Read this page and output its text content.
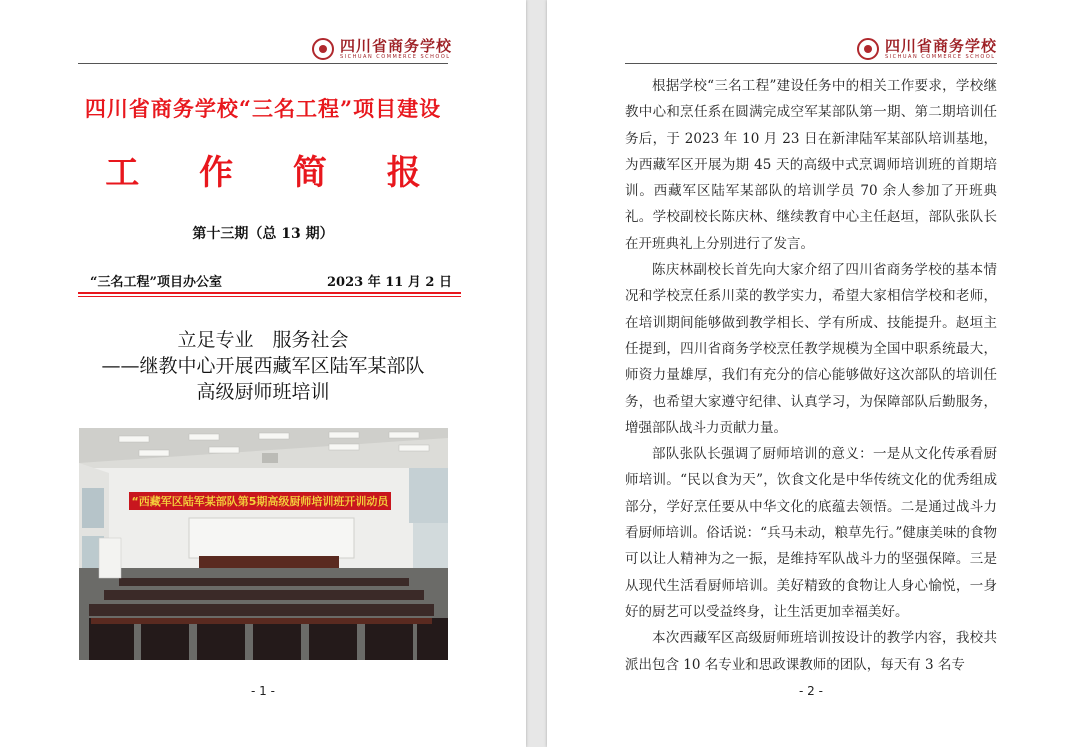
四川省商务学校
SICHUAN COMMERCE SCHOOL
四川省商务学校“三名工程”项目建设
工 作 简 报
第十三期（总 13 期）
“三名工程”项目办公室	2023 年 11 月 2 日
立足专业　服务社会
——继教中心开展西藏军区陆军某部队
高级厨师班培训
“西藏军区陆军某部队第5期高级厨师培训班开训动员
- 1 -
四川省商务学校
SICHUAN COMMERCE SCHOOL

根据学校“三名工程”建设任务中的相关工作要求，学校继教中心和烹任系在圆满完成空军某部队第一期、第二期培训任务后，于 2023 年 10 月 23 日在新津陆军某部队培训基地，为西藏军区开展为期 45 天的高级中式烹调师培训班的首期培训。西藏军区陆军某部队的培训学员 70 余人参加了开班典礼。学校副校长陈庆林、继续教育中心主任赵垣，部队张队长在开班典礼上分别进行了发言。

陈庆林副校长首先向大家介绍了四川省商务学校的基本情况和学校烹任系川菜的教学实力，希望大家相信学校和老师，在培训期间能够做到教学相长、学有所成、技能提升。赵垣主任提到，四川省商务学校烹任教学规模为全国中职系统最大，师资力量雄厚，我们有充分的信心能够做好这次部队的培训任务，也希望大家遵守纪律、认真学习，为保障部队后勤服务，增强部队战斗力贡献力量。

部队张队长强调了厨师培训的意义：一是从文化传承看厨师培训。“民以食为天”，饮食文化是中华传统文化的优秀组成部分，学好烹任要从中华文化的底蕴去领悟。二是通过战斗力看厨师培训。俗话说：“兵马未动，粮草先行。”健康美味的食物可以让人精神为之一振，是维持军队战斗力的坚强保障。三是从现代生活看厨师培训。美好精致的食物让人身心愉悦，一身好的厨艺可以受益终身，让生活更加幸福美好。

本次西藏军区高级厨师班培训按设计的教学内容，我校共派出包含 10 名专业和思政课教师的团队，每天有 3 名专

- 2 -
